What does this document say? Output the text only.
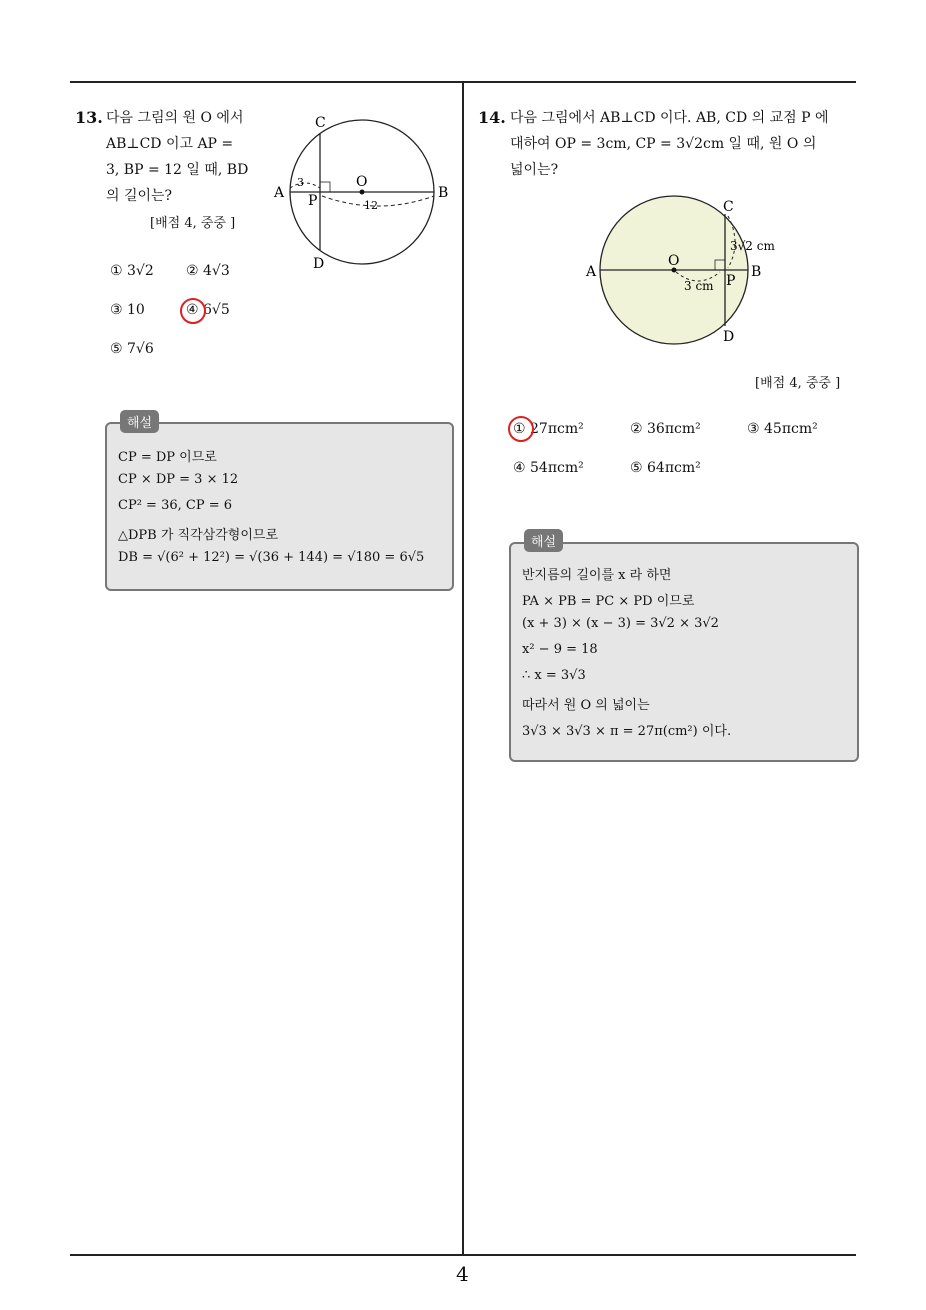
4
13. 다음 그림의 원 O 에서
AB⊥CD 이고 AP =
3, BP = 12 일 때, BD
의 길이는?
[배점 4, 중중 ]
C
D
A	B
O
P
3
12
① 3√2 ② 4√3
③ 10	④ 6√5
⑤ 7√6
해설
CP = DP 이므로
CP × DP = 3 × 12
CP² = 36, CP = 6
△DPB 가 직각삼각형이므로
DB = √(6² + 12²) = √(36 + 144) = √180 = 6√5
14. 다음 그림에서 AB⊥CD 이다. AB, CD 의 교점 P 에
대하여 OP = 3cm, CP = 3√2cm 일 때, 원 O 의
넓이는?
C
D
A	B
O
P
3 cm
3√2 cm
[배점 4, 중중 ]
① 27πcm²	② 36πcm²	③ 45πcm²
④ 54πcm²	⑤ 64πcm²
해설
반지름의 길이를 x 라 하면
PA × PB = PC × PD 이므로
(x + 3) × (x − 3) = 3√2 × 3√2
x² − 9 = 18
∴ x = 3√3
따라서 원 O 의 넓이는
3√3 × 3√3 × π = 27π(cm²) 이다.
